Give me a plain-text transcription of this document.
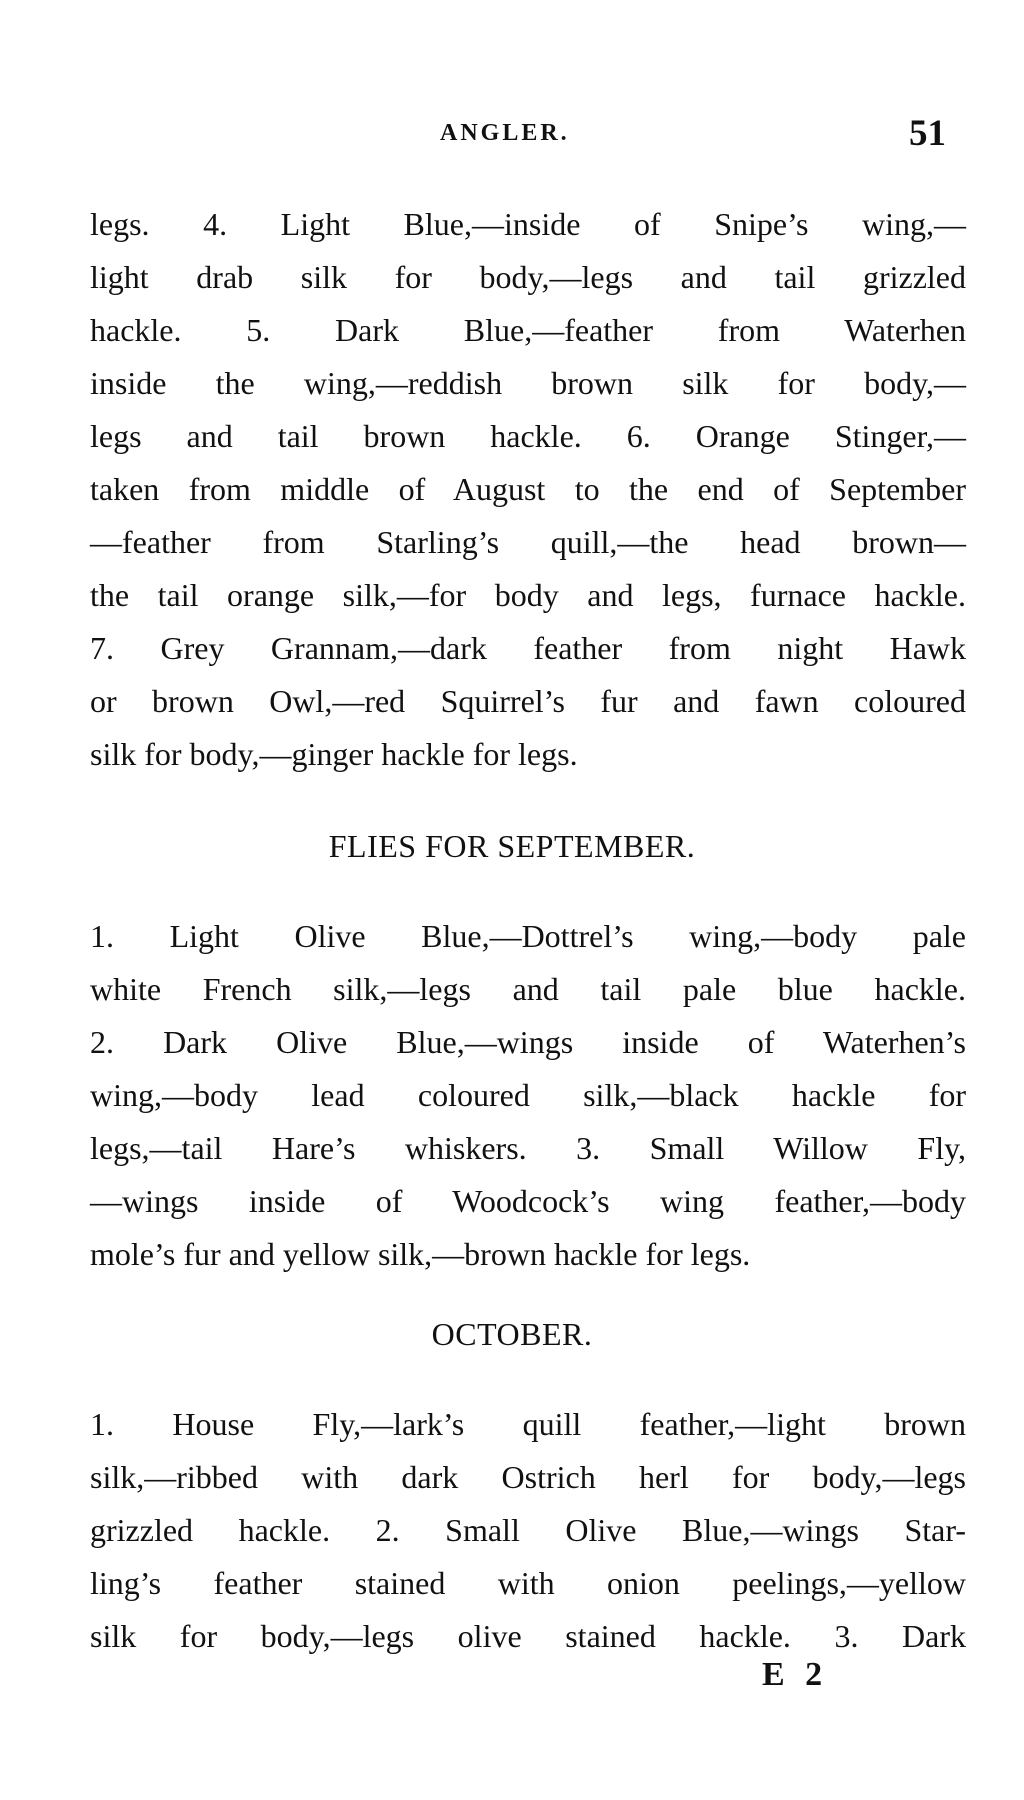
ANGLER.	51
legs. 4. Light Blue,—inside of Snipe’s wing,—
light drab silk for body,—legs and tail grizzled
hackle. 5. Dark Blue,—feather from Waterhen
inside the wing,—reddish brown silk for body,—
legs and tail brown hackle. 6. Orange Stinger,—
taken from middle of August to the end of September
—feather from Starling’s quill,—the head brown—
the tail orange silk,—for body and legs, furnace hackle.
7. Grey Grannam,—dark feather from night Hawk
or brown Owl,—red Squirrel’s fur and fawn coloured
silk for body,—ginger hackle for legs.
FLIES FOR SEPTEMBER.
1. Light Olive Blue,—Dottrel’s wing,—body pale
white French silk,—legs and tail pale blue hackle.
2. Dark Olive Blue,—wings inside of Waterhen’s
wing,—body lead coloured silk,—black hackle for
legs,—tail Hare’s whiskers. 3. Small Willow Fly,
—wings inside of Woodcock’s wing feather,—body
mole’s fur and yellow silk,—brown hackle for legs.
OCTOBER.
1. House Fly,—lark’s quill feather,—light brown
silk,—ribbed with dark Ostrich herl for body,—legs
grizzled hackle. 2. Small Olive Blue,—wings Star-
ling’s feather stained with onion peelings,—yellow
silk for body,—legs olive stained hackle. 3. Dark
E 2
